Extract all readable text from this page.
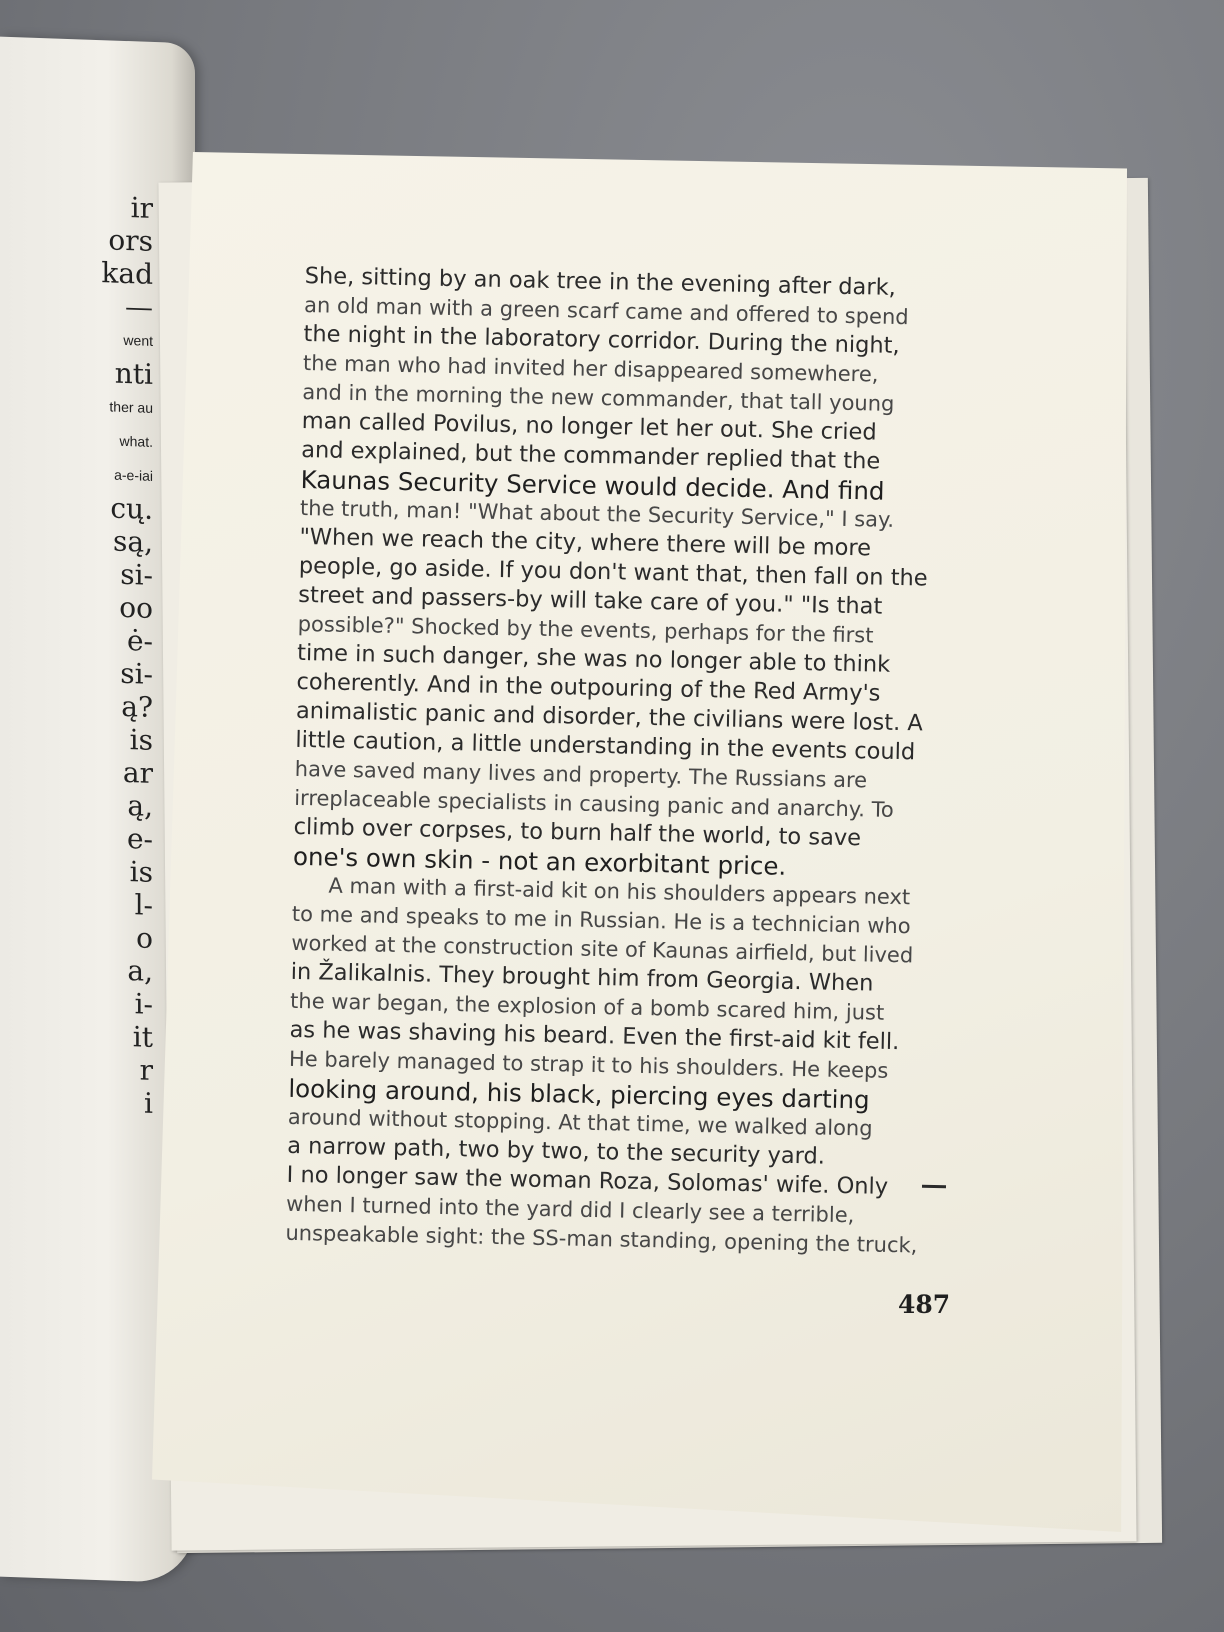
ir
ors
kad
—
went
nti
ther au
what.
a-e-iai
cų.
są,
si-
oo
ė-
si-
ą?
is
ar
ą,
e-
is
l-
o
a,
i-
it
r
i
She, sitting by an oak tree in the evening after dark,
an old man with a green scarf came and offered to spend
the night in the laboratory corridor. During the night,
the man who had invited her disappeared somewhere,
and in the morning the new commander, that tall young
man called Povilus, no longer let her out. She cried
and explained, but the commander replied that the
Kaunas Security Service would decide. And find
the truth, man! "What about the Security Service," I say.
"When we reach the city, where there will be more
people, go aside. If you don't want that, then fall on the
street and passers-by will take care of you." "Is that
possible?" Shocked by the events, perhaps for the first
time in such danger, she was no longer able to think
coherently. And in the outpouring of the Red Army's
animalistic panic and disorder, the civilians were lost. A
little caution, a little understanding in the events could
have saved many lives and property. The Russians are
irreplaceable specialists in causing panic and anarchy. To
climb over corpses, to burn half the world, to save
one's own skin - not an exorbitant price.
A man with a first-aid kit on his shoulders appears next
to me and speaks to me in Russian. He is a technician who
worked at the construction site of Kaunas airfield, but lived
in Žalikalnis. They brought him from Georgia. When
the war began, the explosion of a bomb scared him, just
as he was shaving his beard. Even the first-aid kit fell.
He barely managed to strap it to his shoulders. He keeps
looking around, his black, piercing eyes darting
around without stopping. At that time, we walked along
a narrow path, two by two, to the security yard.
I no longer saw the woman Roza, Solomas' wife. Only
when I turned into the yard did I clearly see a terrible,
unspeakable sight: the SS-man standing, opening the truck,
487
